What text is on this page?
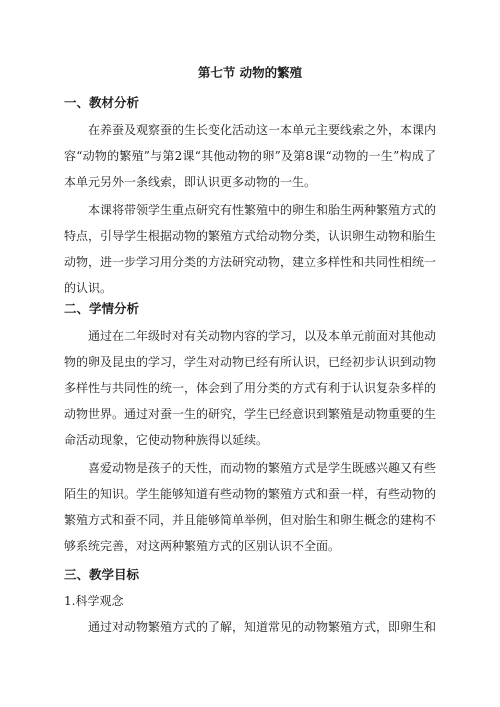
第七节 动物的繁殖
一、教材分析

在养蚕及观察蚕的生长变化活动这一本单元主要线索之外，本课内容“动物的繁殖”与第2课“其他动物的卵”及第8课“动物的一生”构成了本单元另外一条线索，即认识更多动物的一生。

本课将带领学生重点研究有性繁殖中的卵生和胎生两种繁殖方式的特点，引导学生根据动物的繁殖方式给动物分类，认识卵生动物和胎生动物，进一步学习用分类的方法研究动物，建立多样性和共同性相统一的认识。

二、学情分析

通过在二年级时对有关动物内容的学习，以及本单元前面对其他动物的卵及昆虫的学习，学生对动物已经有所认识，已经初步认识到动物多样性与共同性的统一，体会到了用分类的方式有利于认识复杂多样的动物世界。通过对蚕一生的研究，学生已经意识到繁殖是动物重要的生命活动现象，它使动物种族得以延续。

喜爱动物是孩子的天性，而动物的繁殖方式是学生既感兴趣又有些陌生的知识。学生能够知道有些动物的繁殖方式和蚕一样，有些动物的繁殖方式和蚕不同，并且能够简单举例，但对胎生和卵生概念的建构不够系统完善，对这两种繁殖方式的区别认识不全面。

三、教学目标
1.科学观念

通过对动物繁殖方式的了解，知道常见的动物繁殖方式，即卵生和
